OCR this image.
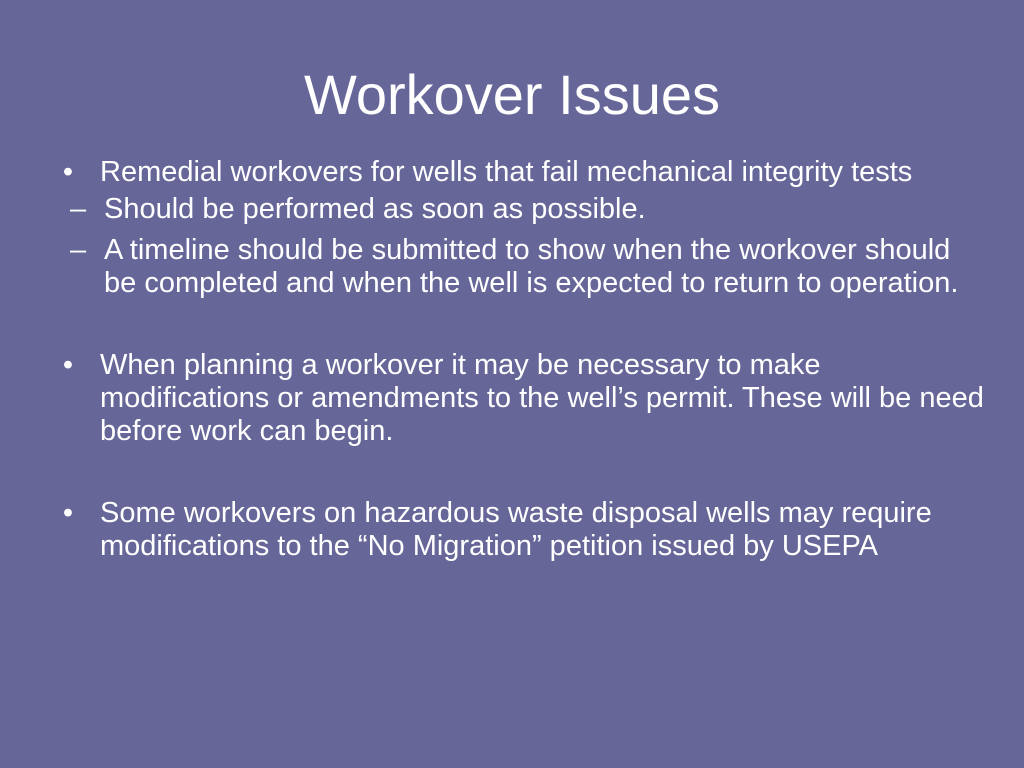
Workover Issues
• Remedial workovers for wells that fail mechanical integrity tests
– Should be performed as soon as possible.
– A timeline should be submitted to show when the workover should be completed and when the well is expected to return to operation.
• When planning a workover it may be necessary to make modifications or amendments to the well’s permit. These will be need before work can begin.
• Some workovers on hazardous waste disposal wells may require modifications to the “No Migration” petition issued by USEPA
